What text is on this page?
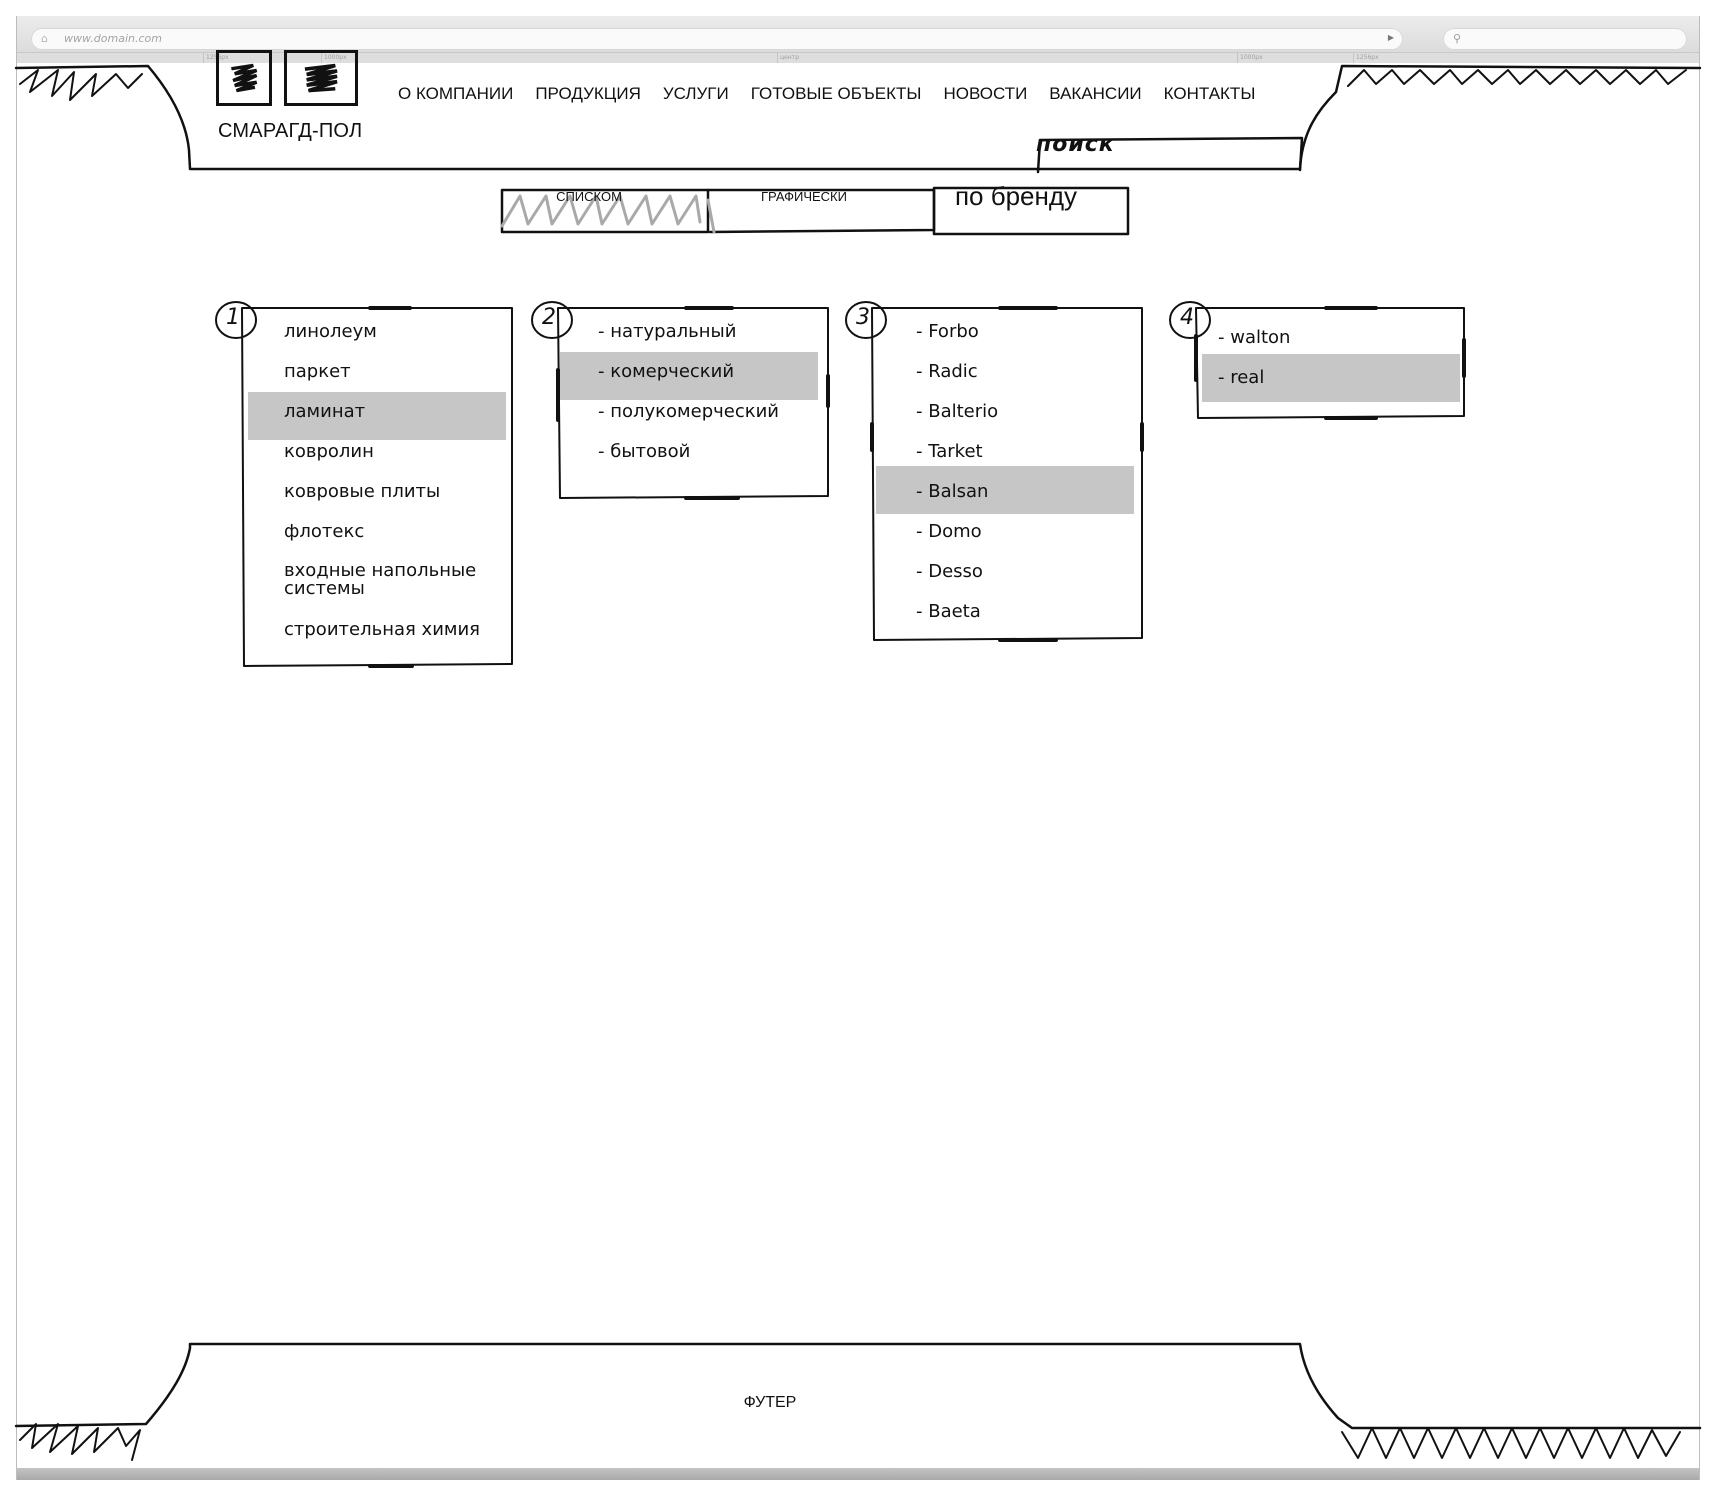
⌂	www.domain.com	▶	⚲
1256px	1000px	центр	1000px	1256px
СМАРАГД-ПОЛ
О КОМПАНИИ ПРОДУКЦИЯ УСЛУГИ ГОТОВЫЕ ОБЪЕКТЫ НОВОСТИ ВАКАНСИИ КОНТАКТЫ
поиск
СПИСКОМ	ГРАФИЧЕСКИ	по бренду
1	2	3	4
линолеум
паркет
ламинат
ковролин
ковровые плиты
флотекс
входные напольные системы
строительная химия
- натуральный
- комерческий
- полукомерческий
- бытовой
- Forbo
- Radic
- Balterio
- Tarket
- Balsan
- Domo
- Desso
- Baeta
- walton
- real
ФУТЕР
